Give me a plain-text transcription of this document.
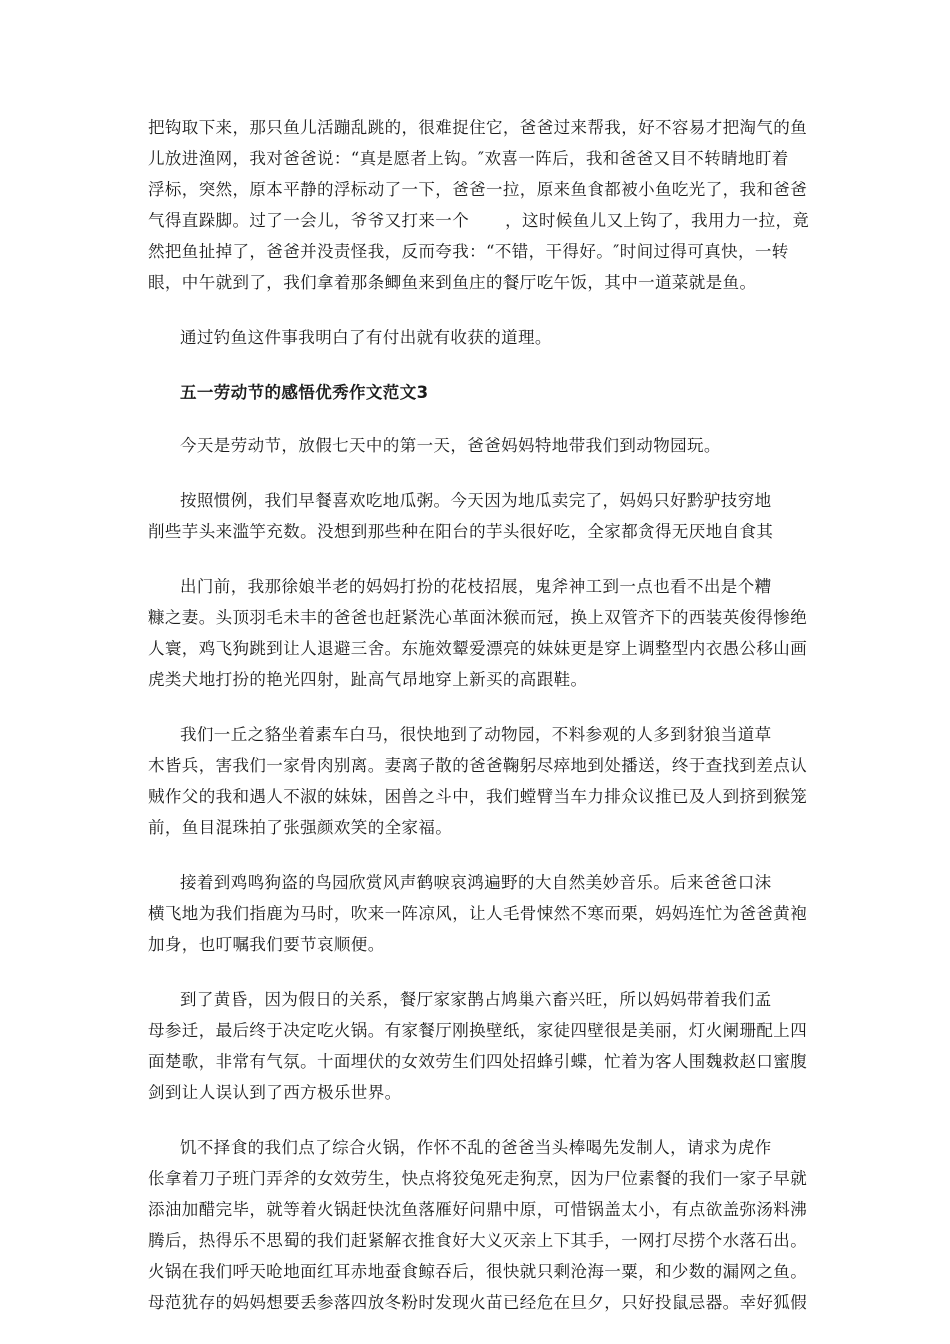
把钩取下来，那只鱼儿活蹦乱跳的，很难捉住它，爸爸过来帮我，好不容易才把淘气的鱼
儿放进渔网，我对爸爸说：“真是愿者上钩。″欢喜一阵后，我和爸爸又目不转睛地盯着
浮标，突然，原本平静的浮标动了一下，爸爸一拉，原来鱼食都被小鱼吃光了，我和爸爸
气得直跺脚。过了一会儿，爷爷又打来一个 ，这时候鱼儿又上钩了，我用力一拉，竟
然把鱼扯掉了，爸爸并没责怪我，反而夸我：“不错，干得好。″时间过得可真快，一转
眼，中午就到了，我们拿着那条鲫鱼来到鱼庄的餐厅吃午饭，其中一道菜就是鱼。

通过钓鱼这件事我明白了有付出就有收获的道理。

五一劳动节的感悟优秀作文范文3

今天是劳动节，放假七天中的第一天，爸爸妈妈特地带我们到动物园玩。

按照惯例，我们早餐喜欢吃地瓜粥。今天因为地瓜卖完了，妈妈只好黔驴技穷地
削些芋头来滥竽充数。没想到那些种在阳台的芋头很好吃，全家都贪得无厌地自食其

出门前，我那徐娘半老的妈妈打扮的花枝招展，鬼斧神工到一点也看不出是个糟
糠之妻。头顶羽毛未丰的爸爸也赶紧洗心革面沐猴而冠，换上双管齐下的西装英俊得惨绝
人寰，鸡飞狗跳到让人退避三舍。东施效颦爱漂亮的妹妹更是穿上调整型内衣愚公移山画
虎类犬地打扮的艳光四射，趾高气昂地穿上新买的高跟鞋。

我们一丘之貉坐着素车白马，很快地到了动物园，不料参观的人多到豺狼当道草
木皆兵，害我们一家骨肉别离。妻离子散的爸爸鞠躬尽瘁地到处播送，终于查找到差点认
贼作父的我和遇人不淑的妹妹，困兽之斗中，我们螳臂当车力排众议推已及人到挤到猴笼
前，鱼目混珠拍了张强颜欢笑的全家福。

接着到鸡鸣狗盗的鸟园欣赏风声鹤唳哀鸿遍野的大自然美妙音乐。后来爸爸口沫
横飞地为我们指鹿为马时，吹来一阵凉风，让人毛骨悚然不寒而栗，妈妈连忙为爸爸黄袍
加身，也叮嘱我们要节哀顺便。

到了黄昏，因为假日的关系，餐厅家家鹊占鸠巢六畜兴旺，所以妈妈带着我们孟
母参迁，最后终于决定吃火锅。有家餐厅刚换壁纸，家徒四壁很是美丽，灯火阑珊配上四
面楚歌，非常有气氛。十面埋伏的女效劳生们四处招蜂引蝶，忙着为客人围魏救赵口蜜腹
剑到让人误认到了西方极乐世界。

饥不择食的我们点了综合火锅，作怀不乱的爸爸当头棒喝先发制人，请求为虎作
伥拿着刀子班门弄斧的女效劳生，快点将狡兔死走狗烹，因为尸位素餐的我们一家子早就
添油加醋完毕，就等着火锅赶快沈鱼落雁好问鼎中原，可惜锅盖太小，有点欲盖弥汤料沸
腾后，热得乐不思蜀的我们赶紧解衣推食好大义灭亲上下其手，一网打尽捞个水落石出。
火锅在我们呼天呛地面红耳赤地蚕食鲸吞后，很快就只剩沧海一粟，和少数的漏网之鱼。
母范犹存的妈妈想要丢参落四放冬粉时发现火苗已经危在旦夕，只好投鼠忌器。幸好狐假
